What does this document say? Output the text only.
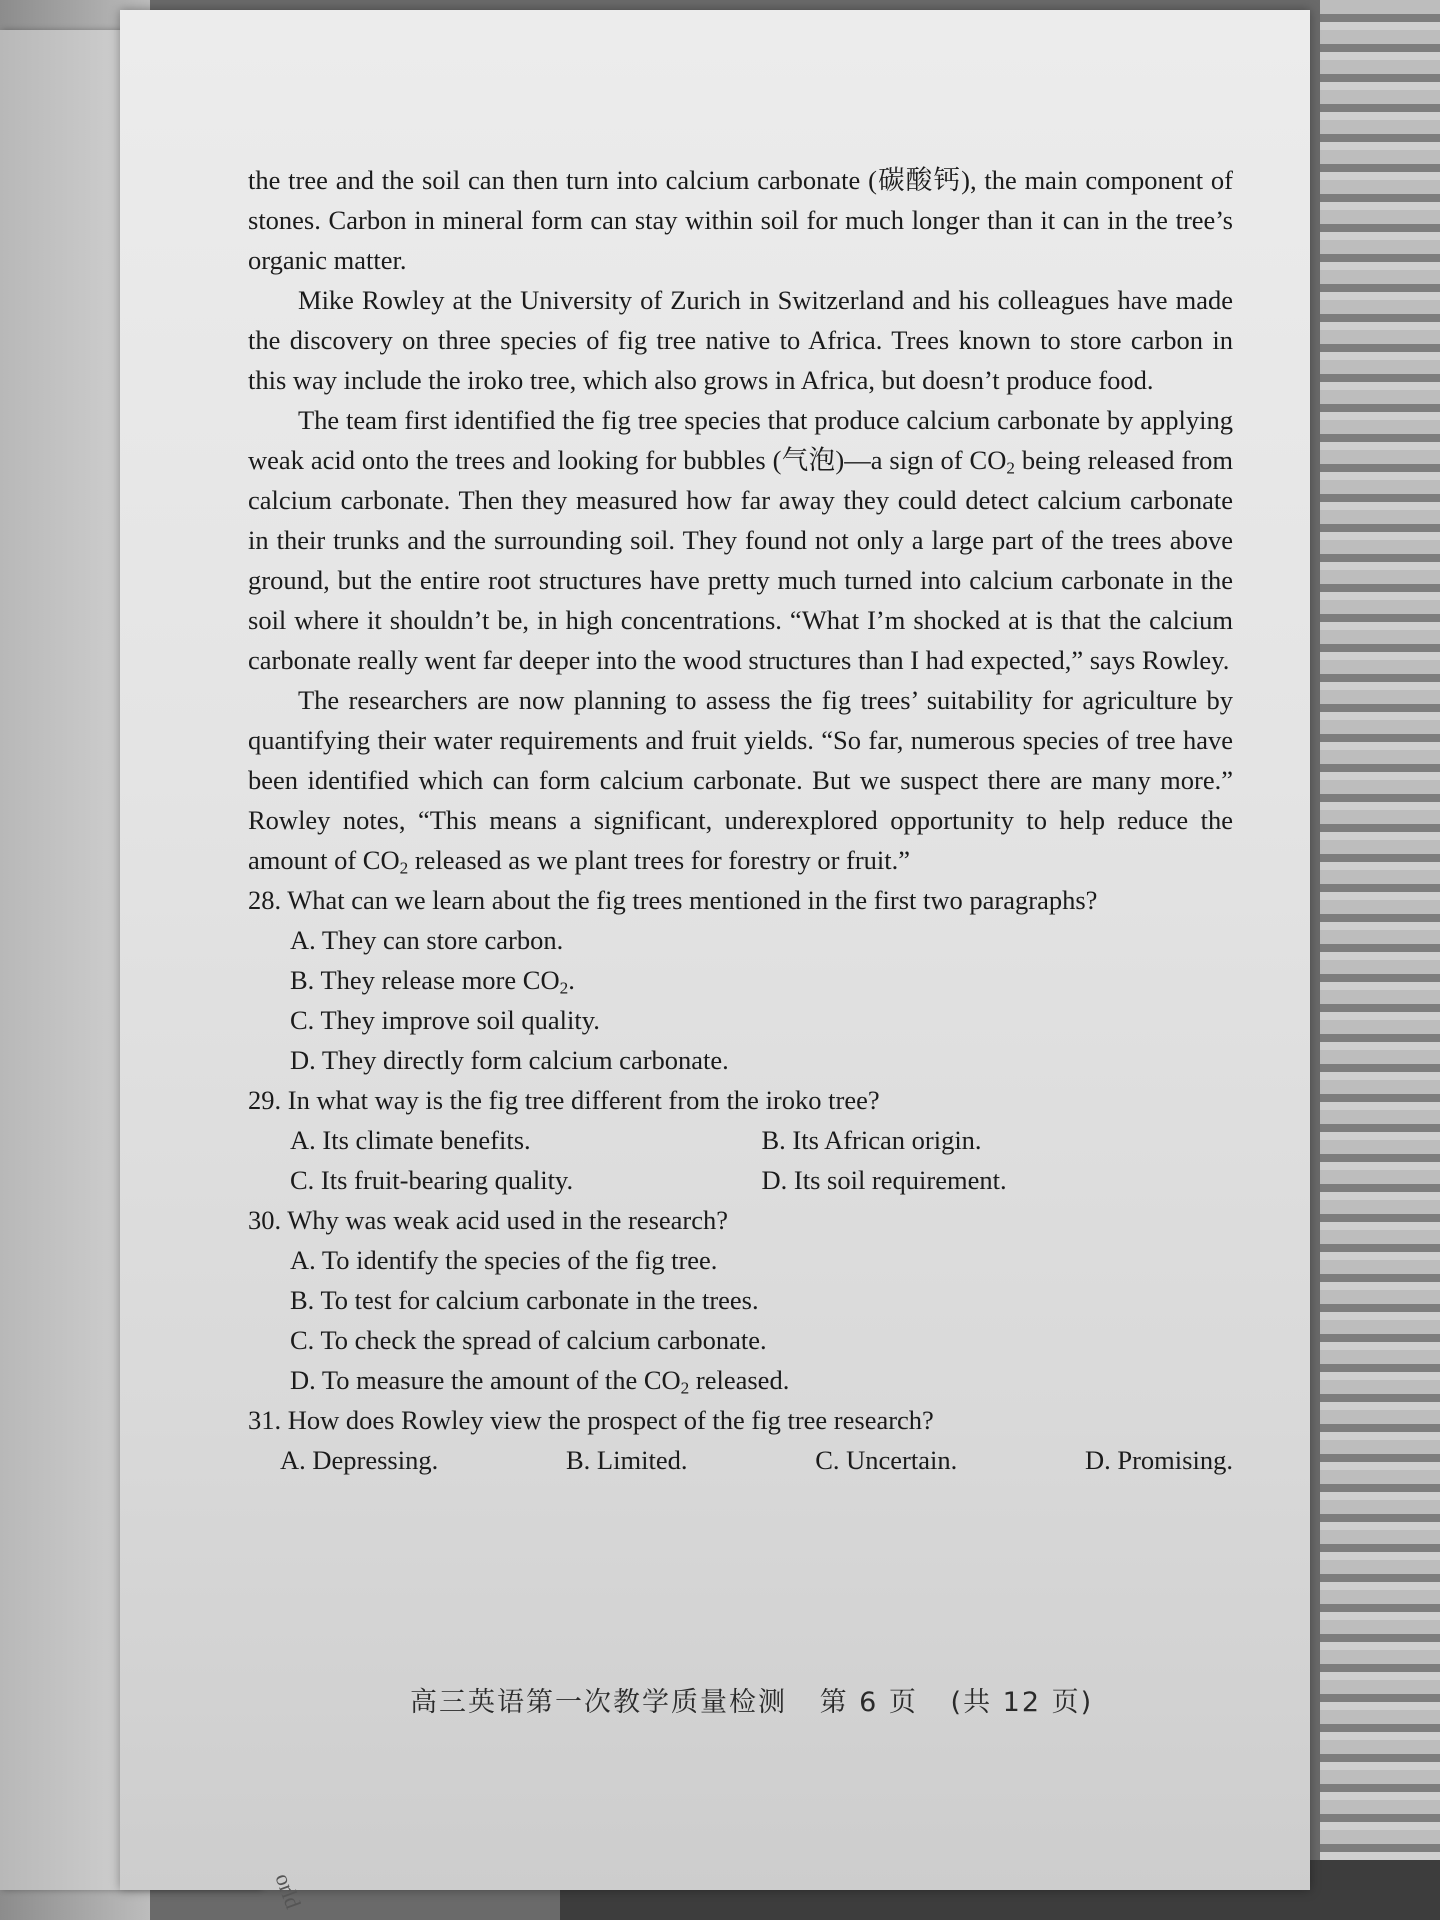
the tree and the soil can then turn into calcium carbonate (碳酸钙), the main component of stones. Carbon in mineral form can stay within soil for much longer than it can in the tree’s organic matter.

Mike Rowley at the University of Zurich in Switzerland and his colleagues have made the discovery on three species of fig tree native to Africa. Trees known to store carbon in this way include the iroko tree, which also grows in Africa, but doesn’t produce food.

The team first identified the fig tree species that produce calcium carbonate by applying weak acid onto the trees and looking for bubbles (气泡)—a sign of $CO_2$ being released from calcium carbonate. Then they measured how far away they could detect calcium carbonate in their trunks and the surrounding soil. They found not only a large part of the trees above ground, but the entire root structures have pretty much turned into calcium carbonate in the soil where it shouldn’t be, in high concentrations. “What I’m shocked at is that the calcium carbonate really went far deeper into the wood structures than I had expected,” says Rowley.

The researchers are now planning to assess the fig trees’ suitability for agriculture by quantifying their water requirements and fruit yields. “So far, numerous species of tree have been identified which can form calcium carbonate. But we suspect there are many more.” Rowley notes, “This means a significant, underexplored opportunity to help reduce the amount of $CO_2$ released as we plant trees for forestry or fruit.”

28. What can we learn about the fig trees mentioned in the first two paragraphs?

A. They can store carbon.

B. They release more $CO_2$.

C. They improve soil quality.

D. They directly form calcium carbonate.

29. In what way is the fig tree different from the iroko tree?

A. Its climate benefits.	B. Its African origin.
C. Its fruit-bearing quality.	D. Its soil requirement.

30. Why was weak acid used in the research?

A. To identify the species of the fig tree.

B. To test for calcium carbonate in the trees.

C. To check the spread of calcium carbonate.

D. To measure the amount of the $CO_2$ released.

31. How does Rowley view the prospect of the fig tree research?

A. Depressing.	B. Limited.	C. Uncertain.	D. Promising.
高三英语第一次教学质量检测 第 6 页 (共 12 页)
orld
